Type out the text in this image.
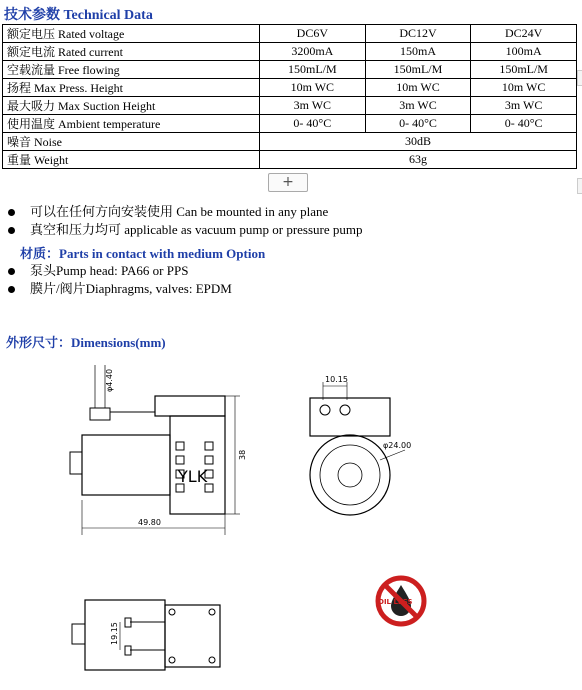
技术参数 Technical Data
额定电压 Rated voltage	DC6V	DC12V	DC24V
额定电流 Rated current	3200mA	150mA	100mA
空载流量 Free flowing	150mL/M	150mL/M	150mL/M
扬程 Max Press. Height	10m WC	10m WC	10m WC
最大吸力 Max Suction Height	3m WC	3m WC	3m WC
使用温度 Ambient temperature	0- 40°C	0- 40°C	0- 40°C
噪音 Noise	30dB		
重量 Weight	63g		
+
可以在任何方向安装使用 Can be mounted in any plane
真空和压力均可 applicable as vacuum pump or pressure pump
材质：Parts in contact with medium Option
泵头Pump head: PA66 or PPS
膜片/阀片Diaphragms, valves: EPDM
外形尺寸：Dimensions(mm)
φ4.40
YLK
38
49.80
10.15
φ24.00
OIL LESS
19.15
